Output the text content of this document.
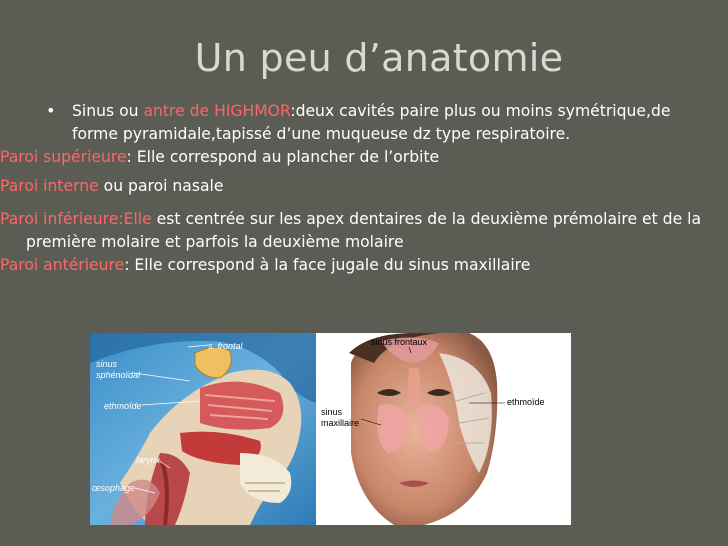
Un peu d’anatomie

• Sinus ou antre de HIGHMOR:deux cavités paire plus ou moins symétrique,de forme pyramidale,tapissé d’une muqueuse dz type respiratoire.

Paroi supérieure: Elle correspond au plancher de l’orbite

Paroi interne ou paroi nasale

Paroi inférieure:Elle est centrée sur les apex dentaires de la deuxième prémolaire et de la première molaire et parfois la deuxième molaire

Paroi antérieure: Elle correspond à la face jugale du sinus maxillaire

s. frontal
sinus
sphénoïdal
ethmoïde
larynx
œsophage
sinus frontaux
ethmoïde
sinus
maxillaire
